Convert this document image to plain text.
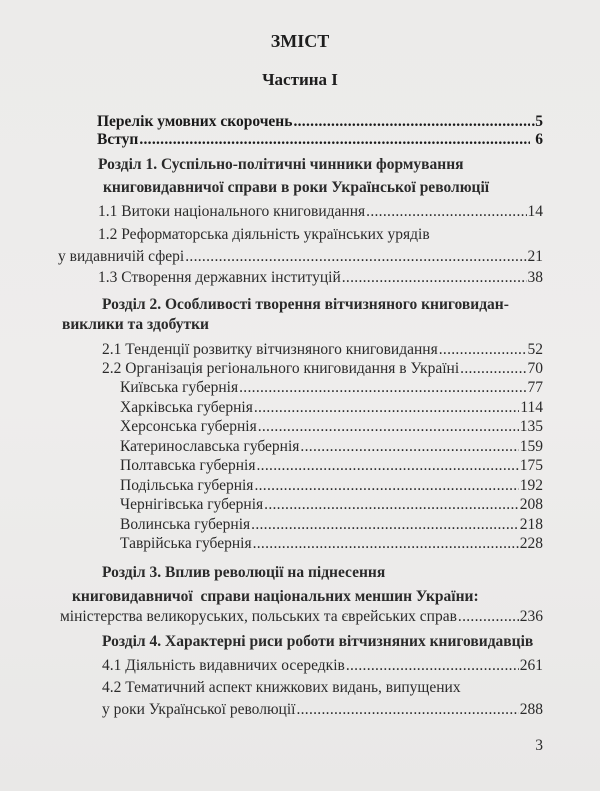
ЗМІСТ
Частина I
Перелік умовних скорочень .....	.5
Вступ .....	6
Розділ 1. Суспільно-політичні чинники формування
книговидавничої справи в роки Української революції
1.1 Витоки національного книговидання .....	14
1.2 Реформаторська діяльність українських урядів
у видавничій сфері .....	21
1.3 Створення державних інституцій .....	38
Розділ 2. Особливості творення вітчизняного книговидан-
виклики та здобутки
2.1 Тенденції розвитку вітчизняного книговидання .....	52
2.2 Організація регіонального книговидання в Україні .....	70
Київська губернія .....	77
Харківська губернія .....	114
Херсонська губернія .....	135
Катеринославська губернія .....	159
Полтавська губернія .....	175
Подільська губернія .....	192
Чернігівська губернія .....	208
Волинська губернія .....	218
Таврійська губернія .....	228
Розділ 3. Вплив революції на піднесення
книговидавничої  справи національних меншин України:
міністерства великоруських, польських та єврейських справ .....	236
Розділ 4. Характерні риси роботи вітчизняних книговидавців
4.1 Діяльність видавничих осередків .....	261
4.2 Тематичний аспект книжкових видань, випущених
у роки Української революції .....	288
3
